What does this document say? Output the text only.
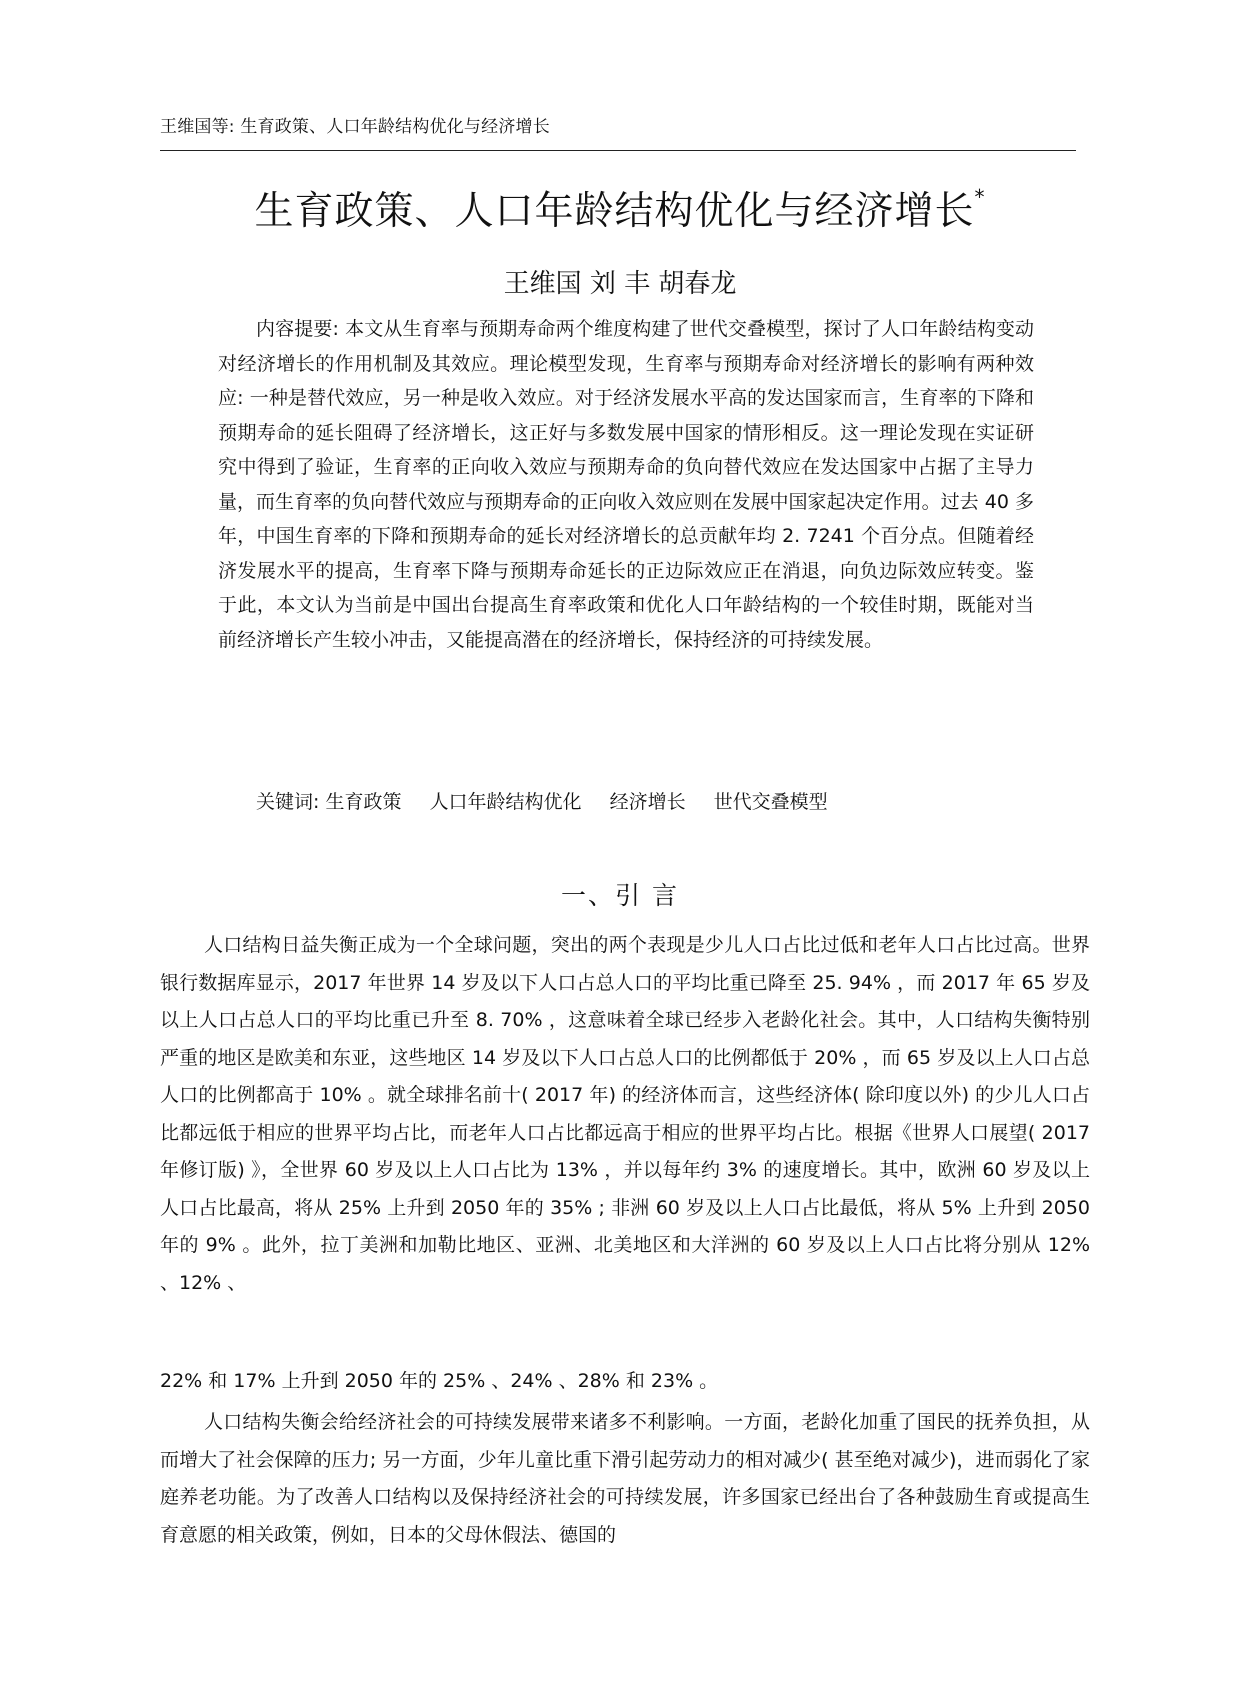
王维国等: 生育政策、人口年龄结构优化与经济增长
生育政策、人口年龄结构优化与经济增长*
王维国 刘 丰 胡春龙

内容提要: 本文从生育率与预期寿命两个维度构建了世代交叠模型，探讨了人口年龄结构变动对经济增长的作用机制及其效应。理论模型发现，生育率与预期寿命对经济增长的影响有两种效应: 一种是替代效应，另一种是收入效应。对于经济发展水平高的发达国家而言，生育率的下降和预期寿命的延长阻碍了经济增长，这正好与多数发展中国家的情形相反。这一理论发现在实证研究中得到了验证，生育率的正向收入效应与预期寿命的负向替代效应在发达国家中占据了主导力量，而生育率的负向替代效应与预期寿命的正向收入效应则在发展中国家起决定作用。过去 40 多年，中国生育率的下降和预期寿命的延长对经济增长的总贡献年均 2. 7241 个百分点。但随着经济发展水平的提高，生育率下降与预期寿命延长的正边际效应正在消退，向负边际效应转变。鉴于此，本文认为当前是中国出台提高生育率政策和优化人口年龄结构的一个较佳时期，既能对当前经济增长产生较小冲击，又能提高潜在的经济增长，保持经济的可持续发展。

关键词: 生育政策 人口年龄结构优化 经济增长 世代交叠模型
一、引 言

人口结构日益失衡正成为一个全球问题，突出的两个表现是少儿人口占比过低和老年人口占比过高。世界银行数据库显示，2017 年世界 14 岁及以下人口占总人口的平均比重已降至 25. 94% ，而 2017 年 65 岁及以上人口占总人口的平均比重已升至 8. 70% ，这意味着全球已经步入老龄化社会。其中，人口结构失衡特别严重的地区是欧美和东亚，这些地区 14 岁及以下人口占总人口的比例都低于 20% ，而 65 岁及以上人口占总人口的比例都高于 10% 。就全球排名前十( 2017 年) 的经济体而言，这些经济体( 除印度以外) 的少儿人口占比都远低于相应的世界平均占比，而老年人口占比都远高于相应的世界平均占比。根据《世界人口展望( 2017 年修订版) 》，全世界 60 岁及以上人口占比为 13% ，并以每年约 3% 的速度增长。其中，欧洲 60 岁及以上人口占比最高，将从 25% 上升到 2050 年的 35% ; 非洲 60 岁及以上人口占比最低，将从 5% 上升到 2050 年的 9% 。此外，拉丁美洲和加勒比地区、亚洲、北美地区和大洋洲的 60 岁及以上人口占比将分别从 12% 、12% 、

22% 和 17% 上升到 2050 年的 25% 、24% 、28% 和 23% 。

人口结构失衡会给经济社会的可持续发展带来诸多不利影响。一方面，老龄化加重了国民的抚养负担，从而增大了社会保障的压力; 另一方面，少年儿童比重下滑引起劳动力的相对减少( 甚至绝对减少)，进而弱化了家庭养老功能。为了改善人口结构以及保持经济社会的可持续发展，许多国家已经出台了各种鼓励生育或提高生育意愿的相关政策，例如，日本的父母休假法、德国的
